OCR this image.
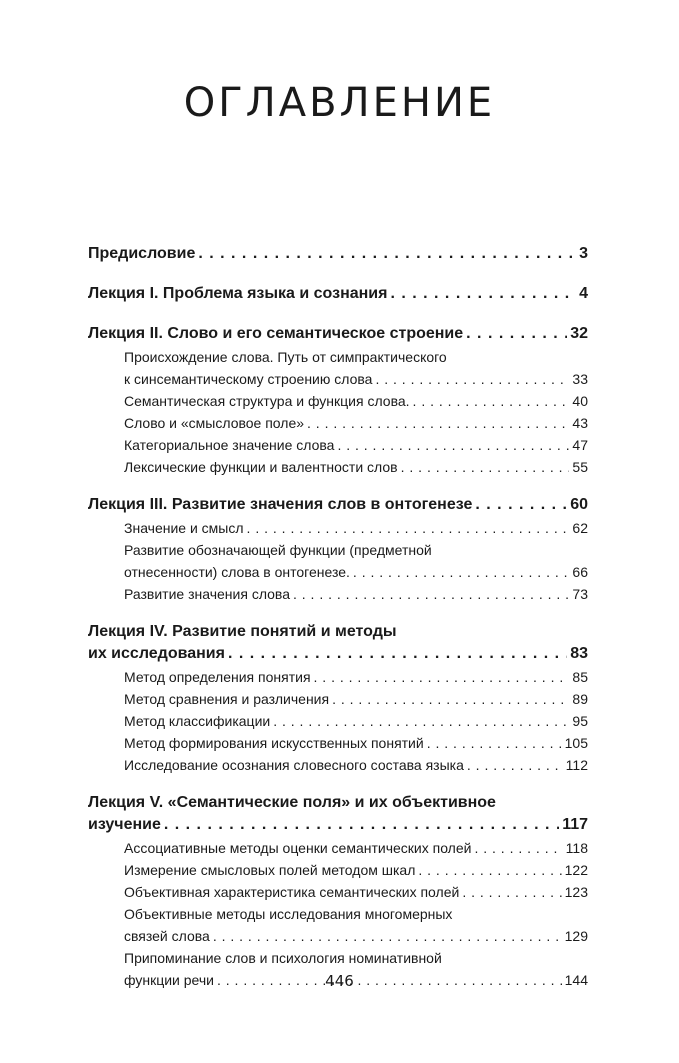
ОГЛАВЛЕНИЕ
Предисловие . . .	3
Лекция I. Проблема языка и сознания . . .	4
Лекция II. Слово и его семантическое строение . . .	32
Происхождение слова. Путь от симпрактического
к синсемантическому строению слова . . .	33
Семантическая структура и функция слова. . . .	40
Слово и «смысловое поле» . . .	43
Категориальное значение слова . . .	47
Лексические функции и валентности слов . . .	55
Лекция III. Развитие значения слов в онтогенезе . . .	60
Значение и смысл . . .	62
Развитие обозначающей функции (предметной
отнесенности) слова в онтогенезе. . . .	66
Развитие значения слова . . .	73
Лекция IV. Развитие понятий и методы
их исследования . . .	83
Метод определения понятия . . .	85
Метод сравнения и различения . . .	89
Метод классификации . . .	95
Метод формирования искусственных понятий . . .	105
Исследование осознания словесного состава языка . . .	112
Лекция V. «Семантические поля» и их объективное
изучение . . .	117
Ассоциативные методы оценки семантических полей . . .	118
Измерение смысловых полей методом шкал . . .	122
Объективная характеристика семантических полей . . .	123
Объективные методы исследования многомерных
связей слова . . .	129
Припоминание слов и психология номинативной
функции речи . . .	144
446
